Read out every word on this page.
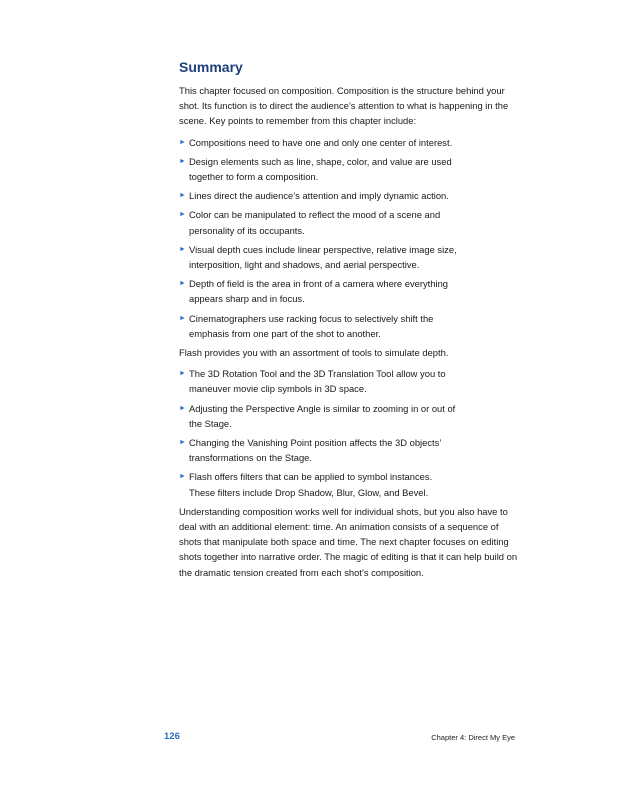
Summary

This chapter focused on composition. Composition is the structure behind your shot. Its function is to direct the audience’s attention to what is happening in the scene. Key points to remember from this chapter include:

► Compositions need to have one and only one center of interest.
► Design elements such as line, shape, color, and value are used together to form a composition.
► Lines direct the audience’s attention and imply dynamic action.
► Color can be manipulated to reflect the mood of a scene and personality of its occupants.
► Visual depth cues include linear perspective, relative image size, interposition, light and shadows, and aerial perspective.
► Depth of field is the area in front of a camera where everything appears sharp and in focus.
► Cinematographers use racking focus to selectively shift the emphasis from one part of the shot to another.

Flash provides you with an assortment of tools to simulate depth.

► The 3D Rotation Tool and the 3D Translation Tool allow you to maneuver movie clip symbols in 3D space.
► Adjusting the Perspective Angle is similar to zooming in or out of the Stage.
► Changing the Vanishing Point position affects the 3D objects’ transformations on the Stage.
► Flash offers filters that can be applied to symbol instances. These filters include Drop Shadow, Blur, Glow, and Bevel.

Understanding composition works well for individual shots, but you also have to deal with an additional element: time. An animation consists of a sequence of shots that manipulate both space and time. The next chapter focuses on editing shots together into narrative order. The magic of editing is that it can help build on the dramatic tension created from each shot’s composition.

126	Chapter 4: Direct My Eye
